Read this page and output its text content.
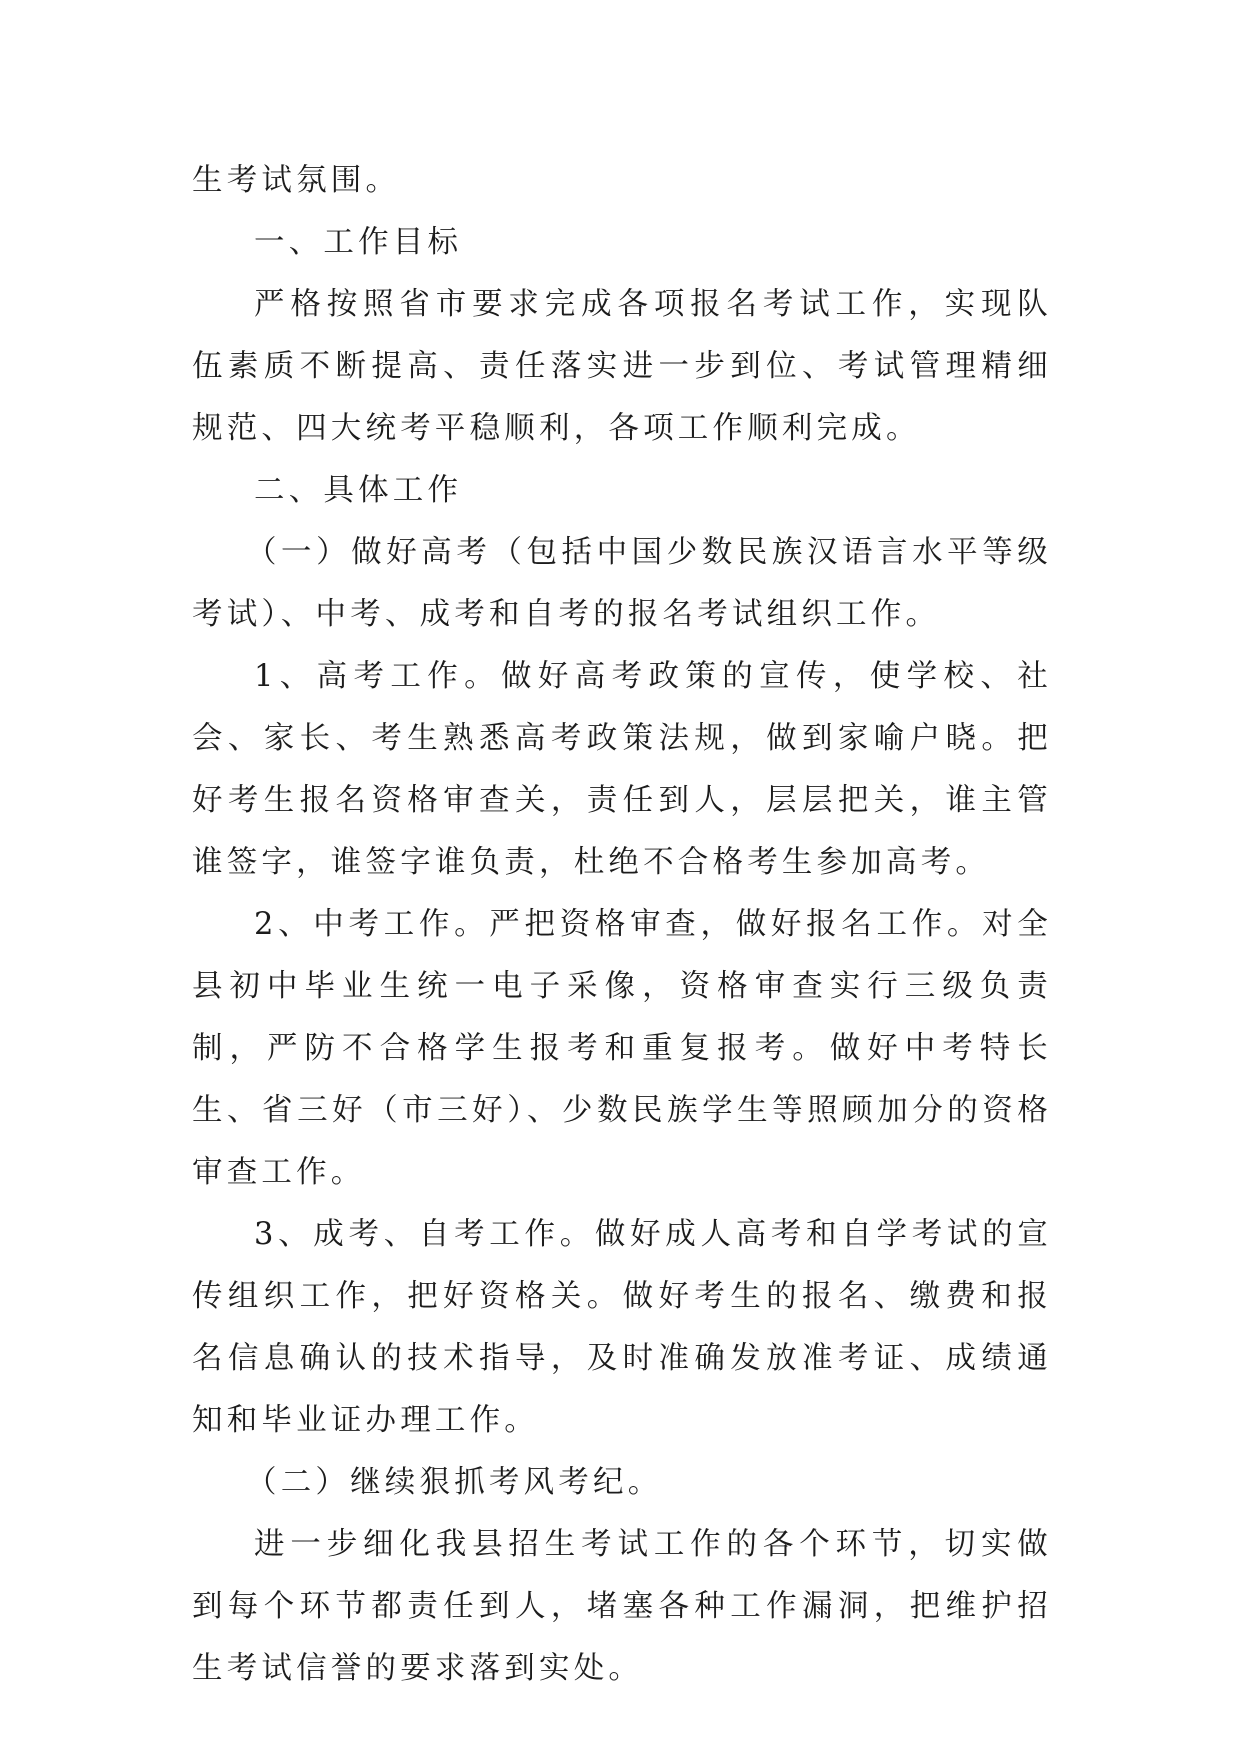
生考试氛围。

一、工作目标

严格按照省市要求完成各项报名考试工作，实现队伍素质不断提高、责任落实进一步到位、考试管理精细规范、四大统考平稳顺利，各项工作顺利完成。

二、具体工作

（一）做好高考（包括中国少数民族汉语言水平等级考试）、中考、成考和自考的报名考试组织工作。

1、高考工作。做好高考政策的宣传，使学校、社会、家长、考生熟悉高考政策法规，做到家喻户晓。把好考生报名资格审查关，责任到人，层层把关，谁主管谁签字，谁签字谁负责，杜绝不合格考生参加高考。

2、中考工作。严把资格审查，做好报名工作。对全县初中毕业生统一电子采像，资格审查实行三级负责制，严防不合格学生报考和重复报考。做好中考特长生、省三好（市三好）、少数民族学生等照顾加分的资格审查工作。

3、成考、自考工作。做好成人高考和自学考试的宣传组织工作，把好资格关。做好考生的报名、缴费和报名信息确认的技术指导，及时准确发放准考证、成绩通知和毕业证办理工作。

（二）继续狠抓考风考纪。

进一步细化我县招生考试工作的各个环节，切实做到每个环节都责任到人，堵塞各种工作漏洞，把维护招生考试信誉的要求落到实处。
